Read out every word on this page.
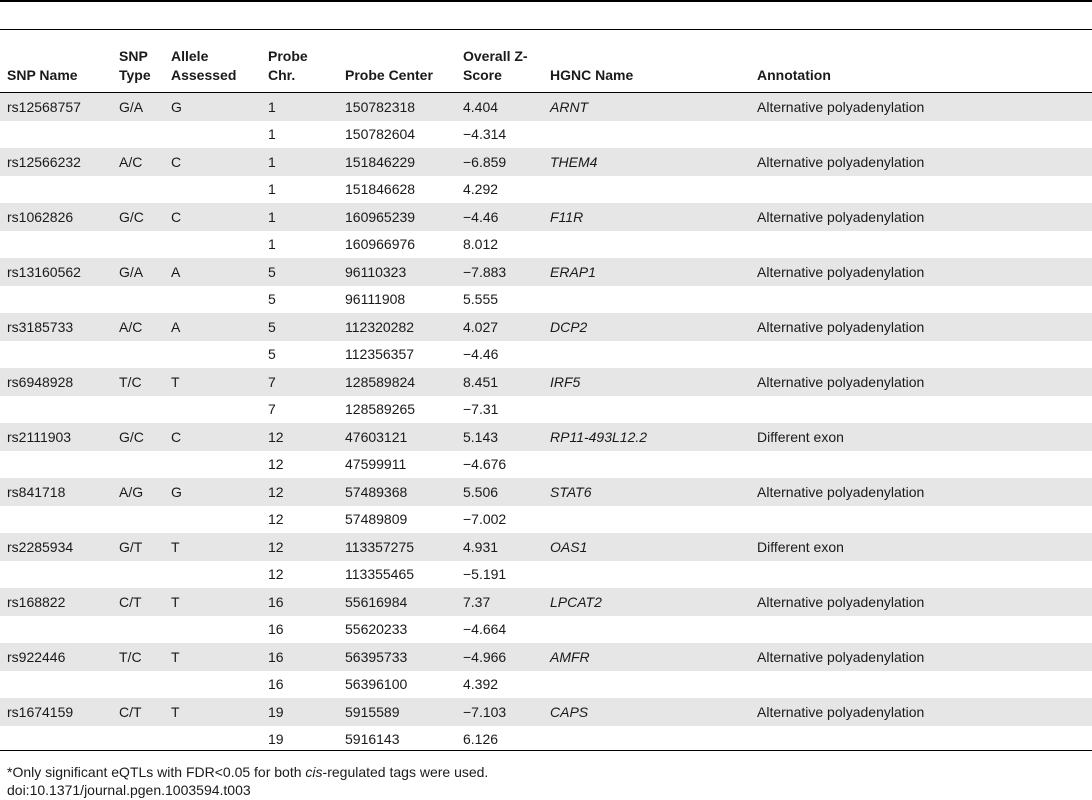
SNP Name	SNP Type	Allele Assessed	Probe Chr.	Probe Center	Overall Z-Score	HGNC Name	Annotation
rs12568757	G/A	G	1	150782318	4.404	ARNT	Alternative polyadenylation
			1	150782604	−4.314		
rs12566232	A/C	C	1	151846229	−6.859	THEM4	Alternative polyadenylation
			1	151846628	4.292		
rs1062826	G/C	C	1	160965239	−4.46	F11R	Alternative polyadenylation
			1	160966976	8.012		
rs13160562	G/A	A	5	96110323	−7.883	ERAP1	Alternative polyadenylation
			5	96111908	5.555		
rs3185733	A/C	A	5	112320282	4.027	DCP2	Alternative polyadenylation
			5	112356357	−4.46		
rs6948928	T/C	T	7	128589824	8.451	IRF5	Alternative polyadenylation
			7	128589265	−7.31		
rs2111903	G/C	C	12	47603121	5.143	RP11-493L12.2	Different exon
			12	47599911	−4.676		
rs841718	A/G	G	12	57489368	5.506	STAT6	Alternative polyadenylation
			12	57489809	−7.002		
rs2285934	G/T	T	12	113357275	4.931	OAS1	Different exon
			12	113355465	−5.191		
rs168822	C/T	T	16	55616984	7.37	LPCAT2	Alternative polyadenylation
			16	55620233	−4.664		
rs922446	T/C	T	16	56395733	−4.966	AMFR	Alternative polyadenylation
			16	56396100	4.392		
rs1674159	C/T	T	19	5915589	−7.103	CAPS	Alternative polyadenylation
			19	5916143	6.126		
*Only significant eQTLs with FDR<0.05 for both cis-regulated tags were used.
doi:10.1371/journal.pgen.1003594.t003
